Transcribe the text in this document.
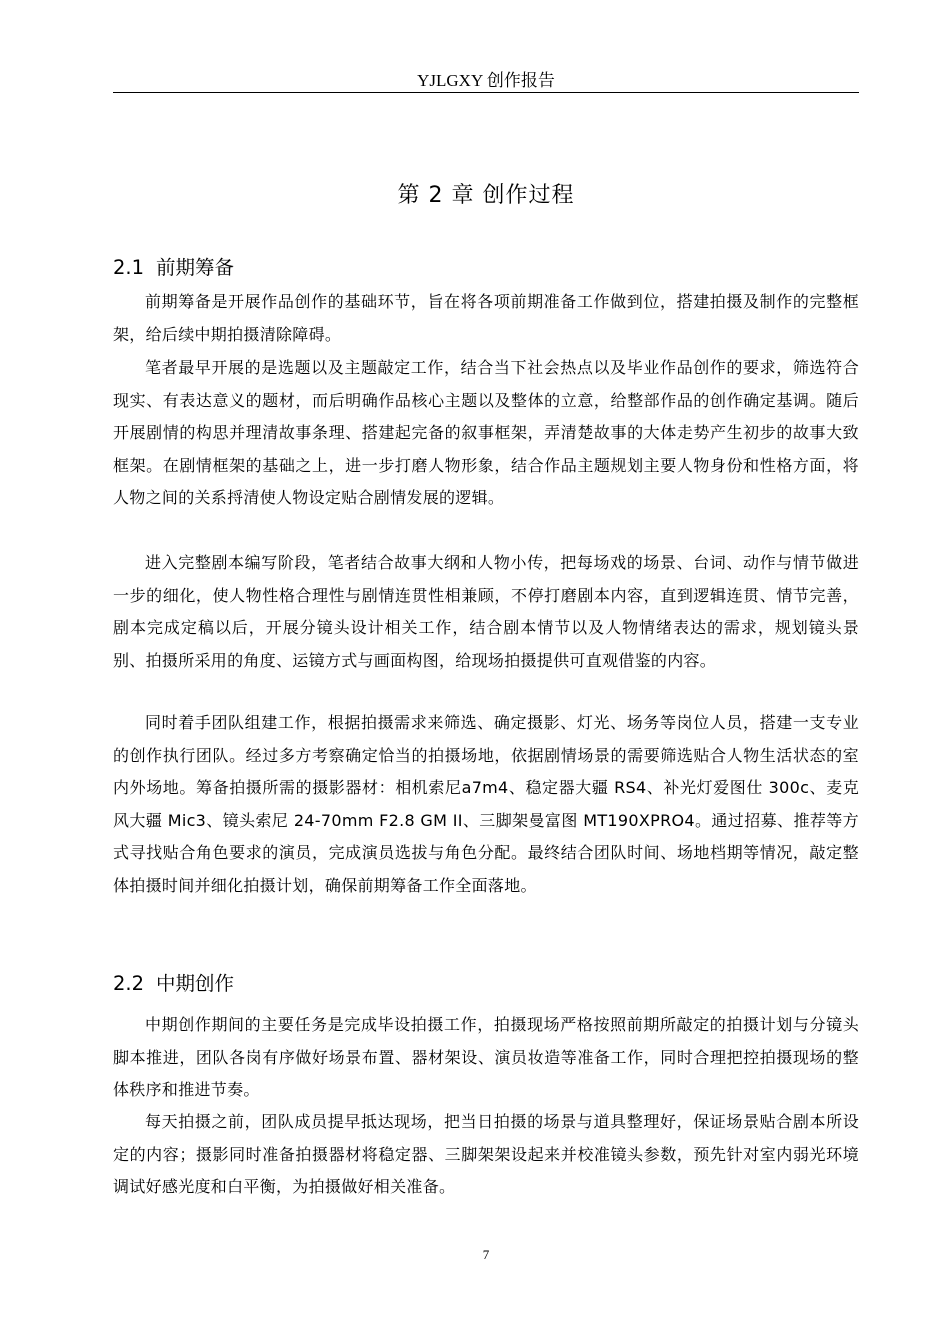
YJLGXY 创作报告
第 2 章 创作过程
2.1 前期筹备

前期筹备是开展作品创作的基础环节，旨在将各项前期准备工作做到位，搭建拍摄及制作的完整框架，给后续中期拍摄清除障碍。

笔者最早开展的是选题以及主题敲定工作，结合当下社会热点以及毕业作品创作的要求，筛选符合现实、有表达意义的题材，而后明确作品核心主题以及整体的立意，给整部作品的创作确定基调。随后开展剧情的构思并理清故事条理、搭建起完备的叙事框架，弄清楚故事的大体走势产生初步的故事大致框架。在剧情框架的基础之上，进一步打磨人物形象，结合作品主题规划主要人物身份和性格方面，将人物之间的关系捋清使人物设定贴合剧情发展的逻辑。

进入完整剧本编写阶段，笔者结合故事大纲和人物小传，把每场戏的场景、台词、动作与情节做进一步的细化，使人物性格合理性与剧情连贯性相兼顾，不停打磨剧本内容，直到逻辑连贯、情节完善，剧本完成定稿以后，开展分镜头设计相关工作，结合剧本情节以及人物情绪表达的需求，规划镜头景别、拍摄所采用的角度、运镜方式与画面构图，给现场拍摄提供可直观借鉴的内容。

同时着手团队组建工作，根据拍摄需求来筛选、确定摄影、灯光、场务等岗位人员，搭建一支专业的创作执行团队。经过多方考察确定恰当的拍摄场地，依据剧情场景的需要筛选贴合人物生活状态的室内外场地。筹备拍摄所需的摄影器材：相机索尼a7m4、稳定器大疆 RS4、补光灯爱图仕 300c、麦克风大疆 Mic3、镜头索尼 24-70mm F2.8 GM II、三脚架曼富图 MT190XPRO4。通过招募、推荐等方式寻找贴合角色要求的演员，完成演员选拔与角色分配。最终结合团队时间、场地档期等情况，敲定整体拍摄时间并细化拍摄计划，确保前期筹备工作全面落地。

2.2 中期创作

中期创作期间的主要任务是完成毕设拍摄工作，拍摄现场严格按照前期所敲定的拍摄计划与分镜头脚本推进，团队各岗有序做好场景布置、器材架设、演员妆造等准备工作，同时合理把控拍摄现场的整体秩序和推进节奏。

每天拍摄之前，团队成员提早抵达现场，把当日拍摄的场景与道具整理好，保证场景贴合剧本所设定的内容；摄影同时准备拍摄器材将稳定器、三脚架架设起来并校准镜头参数，预先针对室内弱光环境调试好感光度和白平衡，为拍摄做好相关准备。

7
